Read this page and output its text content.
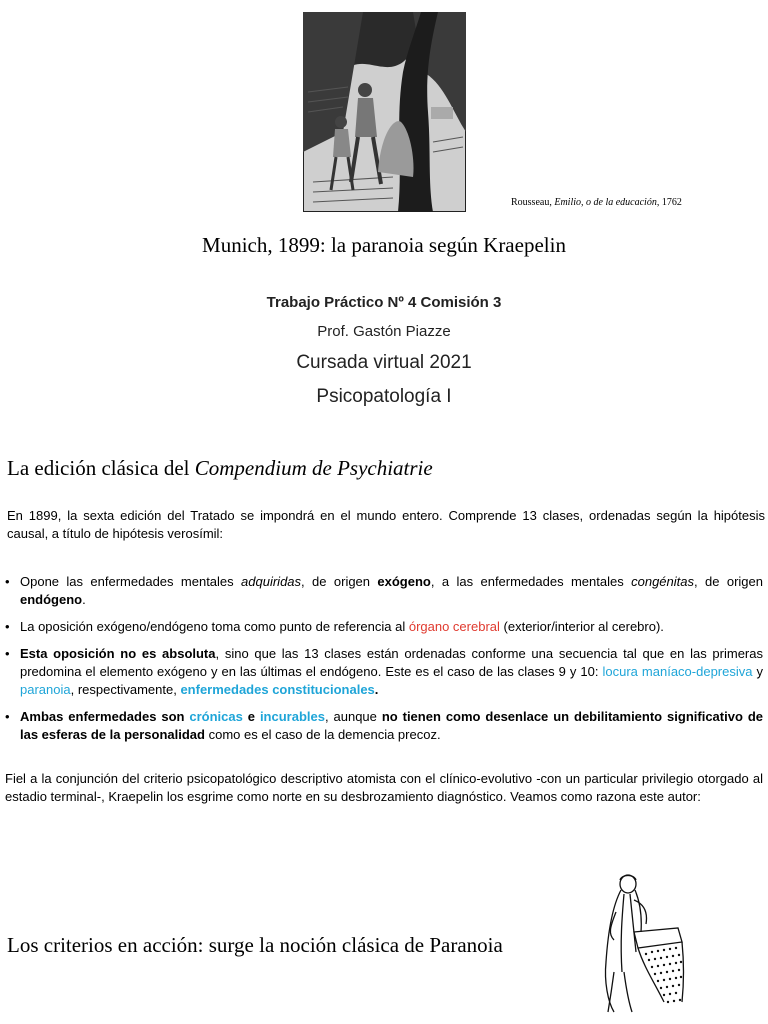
Rousseau, Emilio, o de la educación, 1762
Munich, 1899: la paranoia según Kraepelin
Trabajo Práctico Nº 4 Comisión 3
Prof. Gastón Piazze
Cursada virtual 2021
Psicopatología I
La edición clásica del Compendium de Psychiatrie
En 1899, la sexta edición del Tratado se impondrá en el mundo entero. Comprende 13 clases, ordenadas según la hipótesis causal, a título de hipótesis verosímil:
• Opone las enfermedades mentales adquiridas, de origen exógeno, a las enfermedades mentales congénitas, de origen endógeno.
• La oposición exógeno/endógeno toma como punto de referencia al órgano cerebral (exterior/interior al cerebro).
• Esta oposición no es absoluta, sino que las 13 clases están ordenadas conforme una secuencia tal que en las primeras predomina el elemento exógeno y en las últimas el endógeno. Este es el caso de las clases 9 y 10: locura maníaco-depresiva y paranoia, respectivamente, enfermedades constitucionales.
• Ambas enfermedades son crónicas e incurables, aunque no tienen como desenlace un debilitamiento significativo de las esferas de la personalidad como es el caso de la demencia precoz.
Fiel a la conjunción del criterio psicopatológico descriptivo atomista con el clínico-evolutivo -con un particular privilegio otorgado al estadio terminal-, Kraepelin los esgrime como norte en su desbrozamiento diagnóstico. Veamos como razona este autor:
Los criterios en acción: surge la noción clásica de Paranoia
